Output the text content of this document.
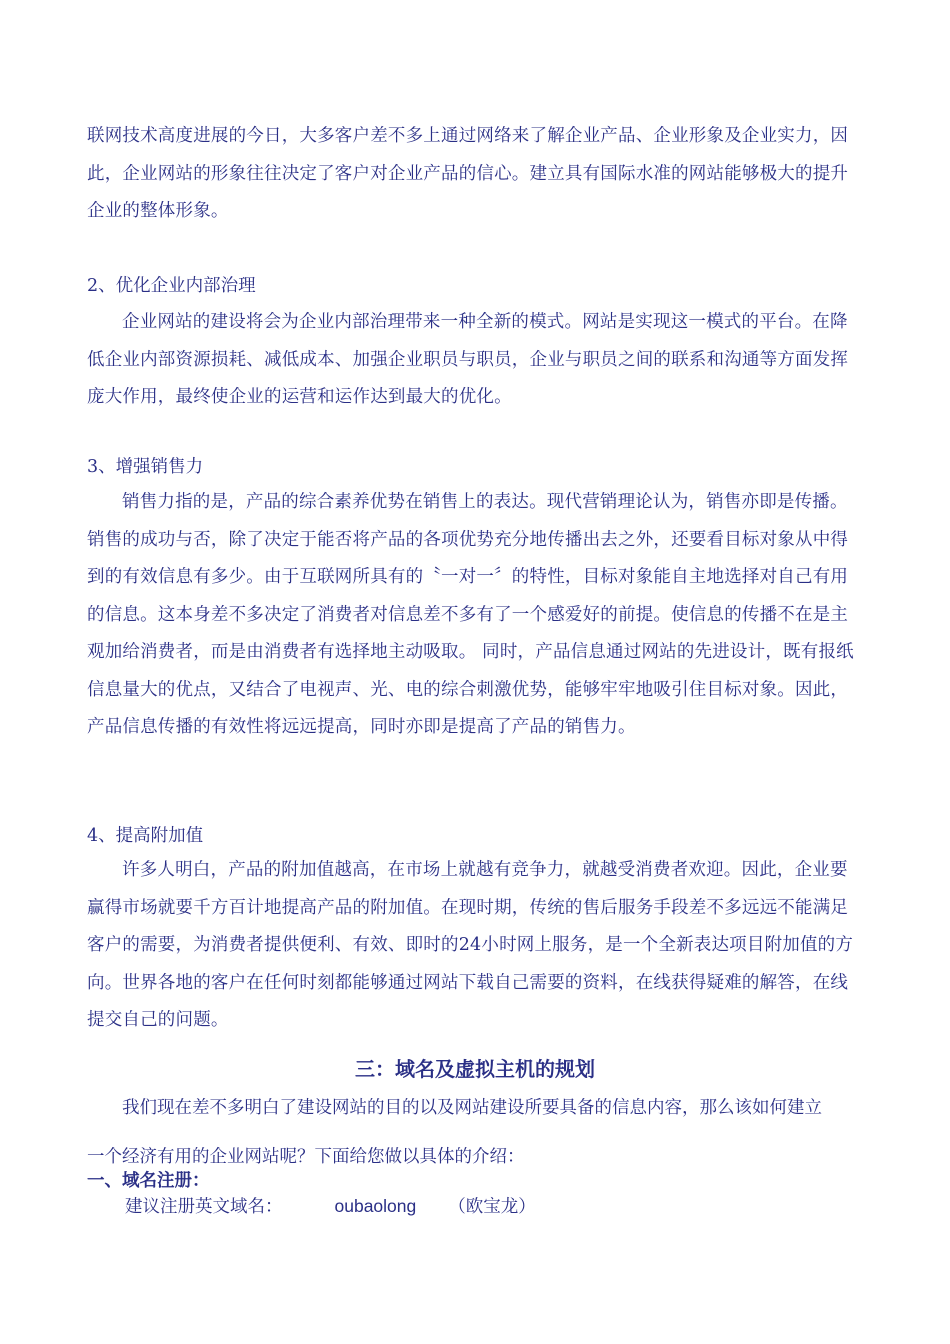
联网技术高度进展的今日，大多客户差不多上通过网络来了解企业产品、企业形象及企业实力，因此，企业网站的形象往往决定了客户对企业产品的信心。建立具有国际水准的网站能够极大的提升企业的整体形象。

2、优化企业内部治理

企业网站的建设将会为企业内部治理带来一种全新的模式。网站是实现这一模式的平台。在降低企业内部资源损耗、减低成本、加强企业职员与职员，企业与职员之间的联系和沟通等方面发挥庞大作用，最终使企业的运营和运作达到最大的优化。

3、增强销售力

销售力指的是，产品的综合素养优势在销售上的表达。现代营销理论认为，销售亦即是传播。销售的成功与否，除了决定于能否将产品的各项优势充分地传播出去之外，还要看目标对象从中得到的有效信息有多少。由于互联网所具有的〝一对一〞的特性，目标对象能自主地选择对自己有用的信息。这本身差不多决定了消费者对信息差不多有了一个感爱好的前提。使信息的传播不在是主观加给消费者，而是由消费者有选择地主动吸取。 同时，产品信息通过网站的先进设计，既有报纸信息量大的优点，又结合了电视声、光、电的综合刺激优势，能够牢牢地吸引住目标对象。因此，产品信息传播的有效性将远远提高，同时亦即是提高了产品的销售力。

4、提高附加值

许多人明白，产品的附加值越高，在市场上就越有竞争力，就越受消费者欢迎。因此，企业要赢得市场就要千方百计地提高产品的附加值。在现时期，传统的售后服务手段差不多远远不能满足客户的需要，为消费者提供便利、有效、即时的24小时网上服务，是一个全新表达项目附加值的方向。世界各地的客户在任何时刻都能够通过网站下载自己需要的资料，在线获得疑难的解答，在线提交自己的问题。

三：域名及虚拟主机的规划

我们现在差不多明白了建设网站的目的以及网站建设所要具备的信息内容，那么该如何建立

一个经济有用的企业网站呢？下面给您做以具体的介绍：

一、域名注册：

建议注册英文域名：	oubaolong （欧宝龙）
